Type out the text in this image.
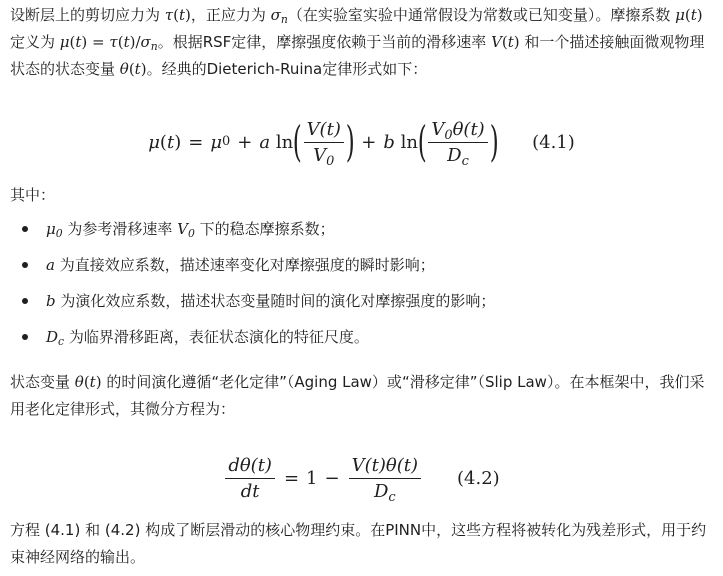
设断层上的剪切应力为 τ(t)，正应力为 $\sigma_n$（在实验室实验中通常假设为常数或已知变量）。摩擦系数 μ(t) 定义为 $\mu(t) = \tau(t)/\sigma_n$。根据RSF定律，摩擦强度依赖于当前的滑移速率 V(t) 和一个描述接触面微观物理状态的状态变量 θ(t)。经典的Dieterich-Ruina定律形式如下：

μ ( t ) = μ 0 + a ln ( $\frac{V(t)}{V_0}$ ) + b ln ( $\frac{V_0\theta(t)}{D_c}$ ) (4.1)

其中：

$\mu_0$ 为参考滑移速率 $V_0$ 下的稳态摩擦系数；
a 为直接效应系数，描述速率变化对摩擦强度的瞬时影响；
b 为演化效应系数，描述状态变量随时间的演化对摩擦强度的影响；
$D_c$ 为临界滑移距离，表征状态演化的特征尺度。

状态变量 θ(t) 的时间演化遵循“老化定律”（Aging Law）或“滑移定律”（Slip Law）。在本框架中，我们采用老化定律形式，其微分方程为：

$\frac{d\theta(t)}{dt} = 1 - \frac{V(t)\theta(t)}{D_c} (4.2)$

方程 (4.1) 和 (4.2) 构成了断层滑动的核心物理约束。在PINN中，这些方程将被转化为残差形式，用于约束神经网络的输出。
